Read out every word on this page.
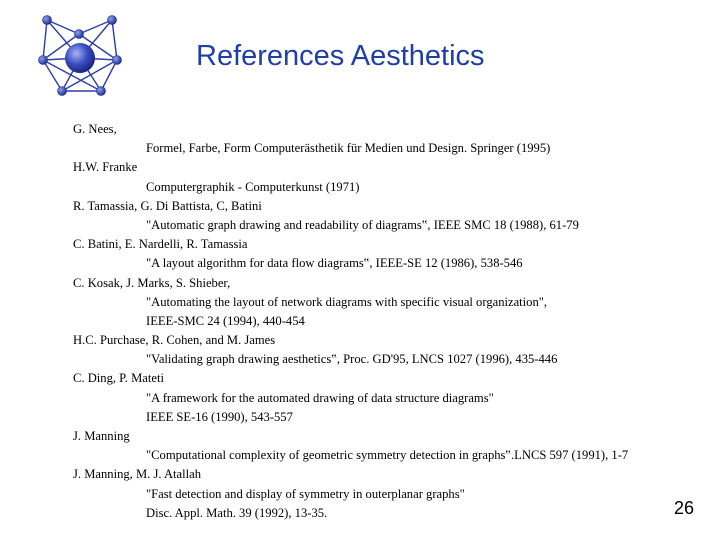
References Aesthetics
G. Nees,
Formel, Farbe, Form Computerästhetik für Medien und Design. Springer (1995)
H.W. Franke
Computergraphik - Computerkunst (1971)
R. Tamassia, G. Di Battista, C, Batini
"Automatic graph drawing and readability of diagrams‟, IEEE SMC 18 (1988), 61-79
C. Batini, E. Nardelli, R. Tamassia
"A layout algorithm for data flow diagrams‟, IEEE-SE 12 (1986), 538-546
C. Kosak, J. Marks, S. Shieber,
"Automating the layout of network diagrams with specific visual organization",
IEEE-SMC 24 (1994), 440-454
H.C. Purchase, R. Cohen, and M. James
"Validating graph drawing aesthetics‟, Proc. GD'95, LNCS 1027 (1996), 435-446
C. Ding, P. Mateti
"A framework for the automated drawing of data structure diagrams"
IEEE SE-16 (1990), 543-557
J. Manning
"Computational complexity of geometric symmetry detection in graphs‟.LNCS 597 (1991), 1-7
J. Manning, M. J. Atallah
"Fast detection and display of symmetry in outerplanar graphs"
Disc. Appl. Math. 39 (1992), 13-35.	26
